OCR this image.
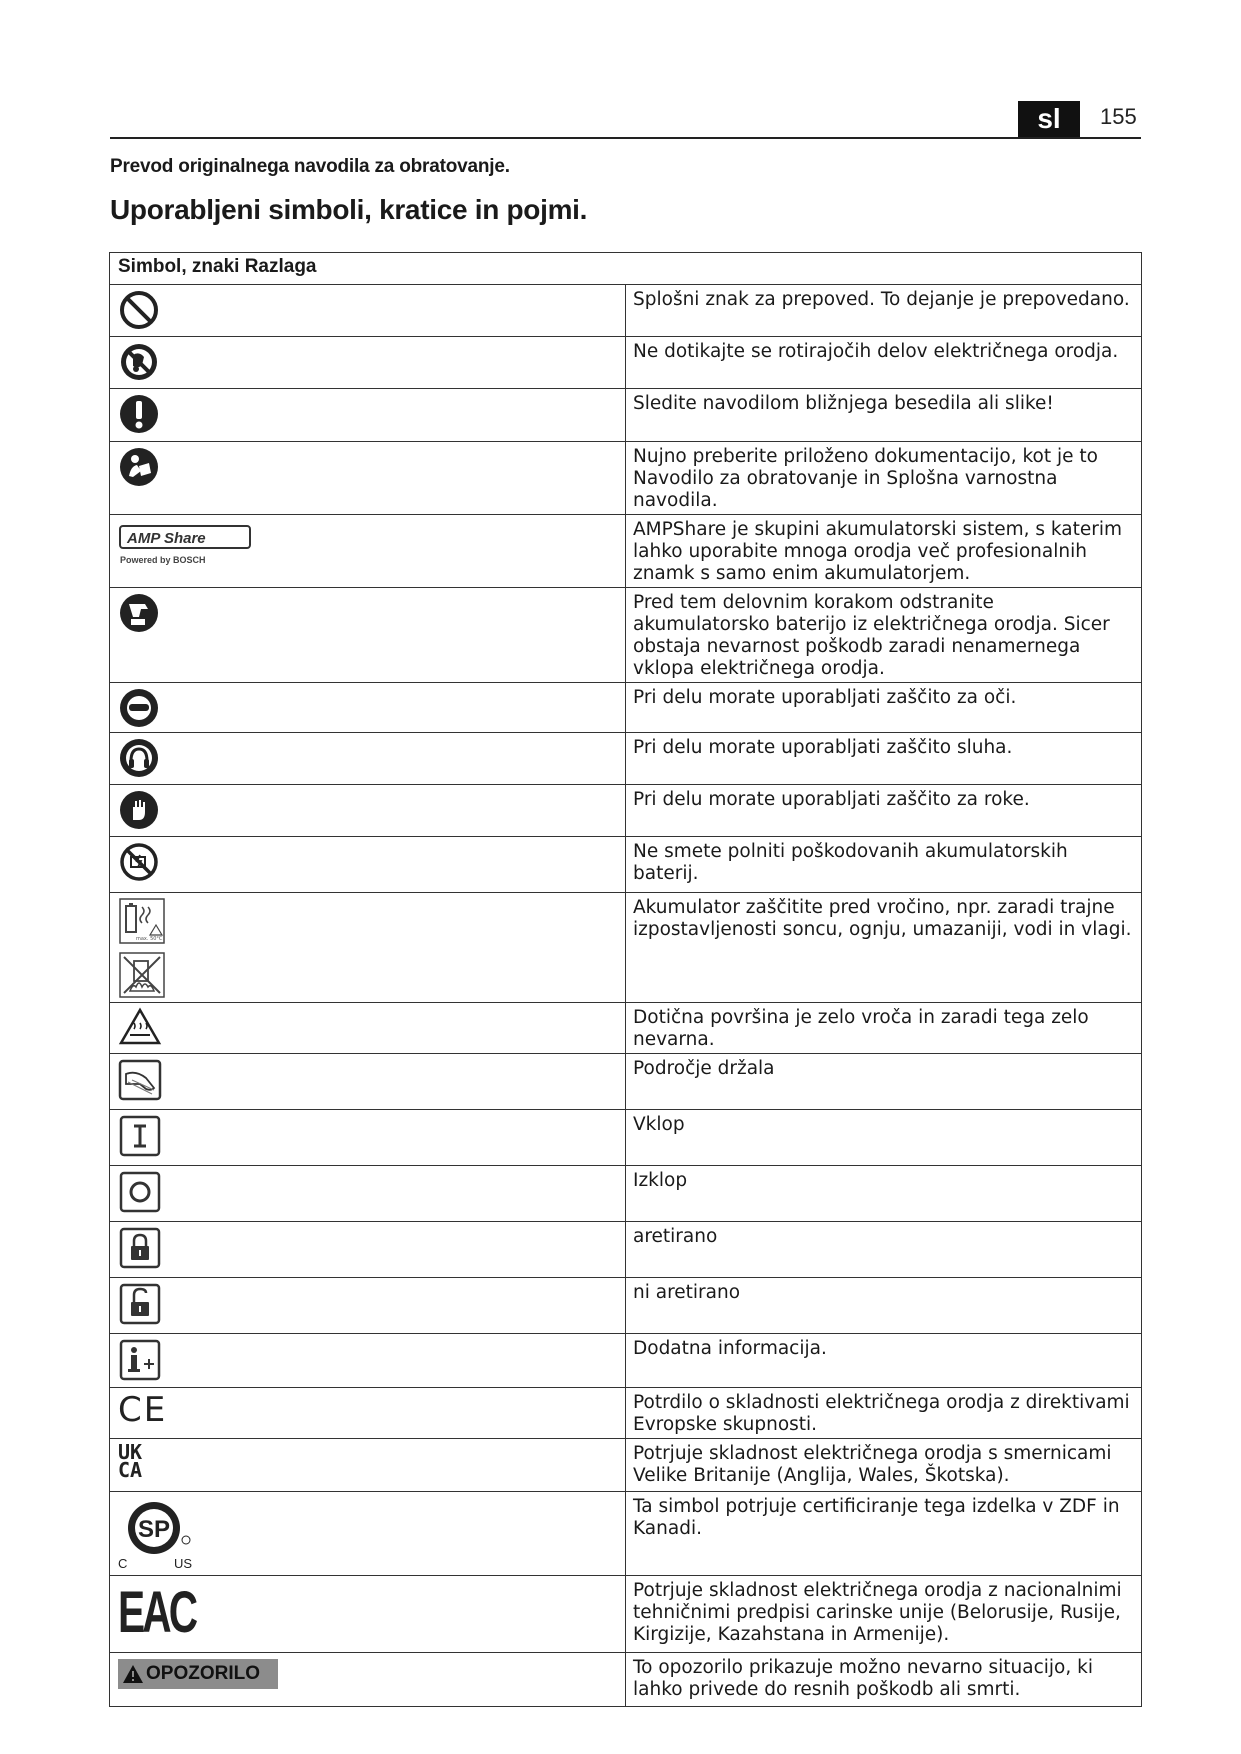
sl	155
Prevod originalnega navodila za obratovanje.
Uporabljeni simboli, kratice in pojmi.
Simbol, znaki Razlaga	

	Splošni znak za prepoved. To dejanje je prepovedano.

	Ne dotikajte se rotirajočih delov električnega orodja.

	Sledite navodilom bližnjega besedila ali slike!

	Nujno preberite priloženo dokumentacijo, kot je to Navodilo za obratovanje in Splošna varnostna navodila.

AMP Share
Powered by BOSCH	AMPShare je skupini akumulatorski sistem, s katerim lahko uporabite mnoga orodja več profesionalnih znamk s samo enim akumulatorjem.

	Pred tem delovnim korakom odstranite akumulatorsko baterijo iz električnega orodja. Sicer obstaja nevarnost poškodb zaradi nenamernega vklopa električnega orodja.

	Pri delu morate uporabljati zaščito za oči.

	Pri delu morate uporabljati zaščito sluha.

	Pri delu morate uporabljati zaščito za roke.

	Ne smete polniti poškodovanih akumulatorskih baterij.

max. 50°C	Akumulator zaščitite pred vročino, npr. zaradi trajne izpostavljenosti soncu, ognju, umazaniji, vodi in vlagi.

	Dotična površina je zelo vroča in zaradi tega zelo nevarna.

	Področje držala

	Vklop

	Izklop

	aretirano

	ni aretirano

	Dodatna informacija.

CE	Potrdilo o skladnosti električnega orodja z direktivami Evropske skupnosti.

UK
CA	Potrjuje skladnost električnega orodja s smernicami Velike Britanije (Anglija, Wales, Škotska).

SP
C US	Ta simbol potrjuje certificiranje tega izdelka v ZDF in Kanadi.

EAC	Potrjuje skladnost električnega orodja z nacionalnimi tehničnimi predpisi carinske unije (Belorusije, Rusije, Kirgizije, Kazahstana in Armenije).

OPOZORILO	To opozorilo prikazuje možno nevarno situacijo, ki lahko privede do resnih poškodb ali smrti.
